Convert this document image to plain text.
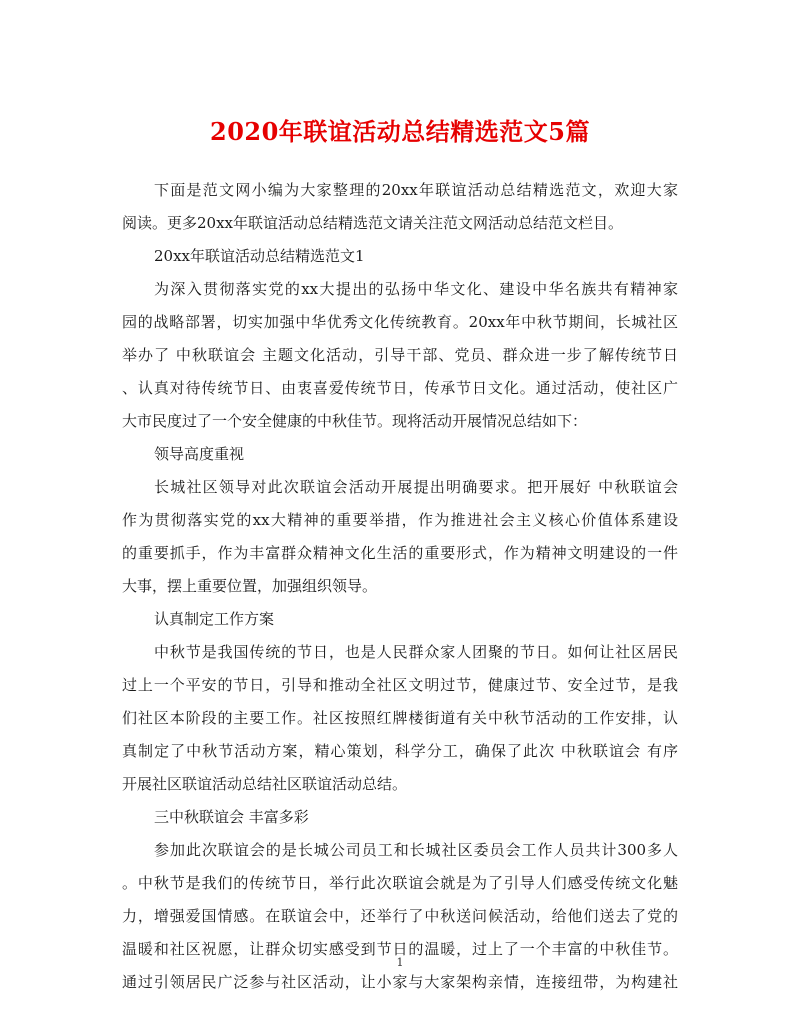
2020年联谊活动总结精选范文5篇
下面是范文网小编为大家整理的20xx年联谊活动总结精选范文，欢迎大家
阅读。更多20xx年联谊活动总结精选范文请关注范文网活动总结范文栏目。
20xx年联谊活动总结精选范文1
为深入贯彻落实党的xx大提出的弘扬中华文化、建设中华名族共有精神家
园的战略部署，切实加强中华优秀文化传统教育。20xx年中秋节期间，长城社区
举办了 中秋联谊会 主题文化活动，引导干部、党员、群众进一步了解传统节日
、认真对待传统节日、由衷喜爱传统节日，传承节日文化。通过活动，使社区广
大市民度过了一个安全健康的中秋佳节。现将活动开展情况总结如下：
领导高度重视
长城社区领导对此次联谊会活动开展提出明确要求。把开展好 中秋联谊会
作为贯彻落实党的xx大精神的重要举措，作为推进社会主义核心价值体系建设
的重要抓手，作为丰富群众精神文化生活的重要形式，作为精神文明建设的一件
大事，摆上重要位置，加强组织领导。
认真制定工作方案
中秋节是我国传统的节日，也是人民群众家人团聚的节日。如何让社区居民
过上一个平安的节日，引导和推动全社区文明过节，健康过节、安全过节，是我
们社区本阶段的主要工作。社区按照红牌楼街道有关中秋节活动的工作安排，认
真制定了中秋节活动方案，精心策划，科学分工，确保了此次 中秋联谊会 有序
开展社区联谊活动总结社区联谊活动总结。
三中秋联谊会 丰富多彩
参加此次联谊会的是长城公司员工和长城社区委员会工作人员共计300多人
。中秋节是我们的传统节日，举行此次联谊会就是为了引导人们感受传统文化魅
力，增强爱国情感。在联谊会中，还举行了中秋送问候活动，给他们送去了党的
温暖和社区祝愿，让群众切实感受到节日的温暖，过上了一个丰富的中秋佳节。
通过引领居民广泛参与社区活动，让小家与大家架构亲情，连接纽带，为构建社
1
